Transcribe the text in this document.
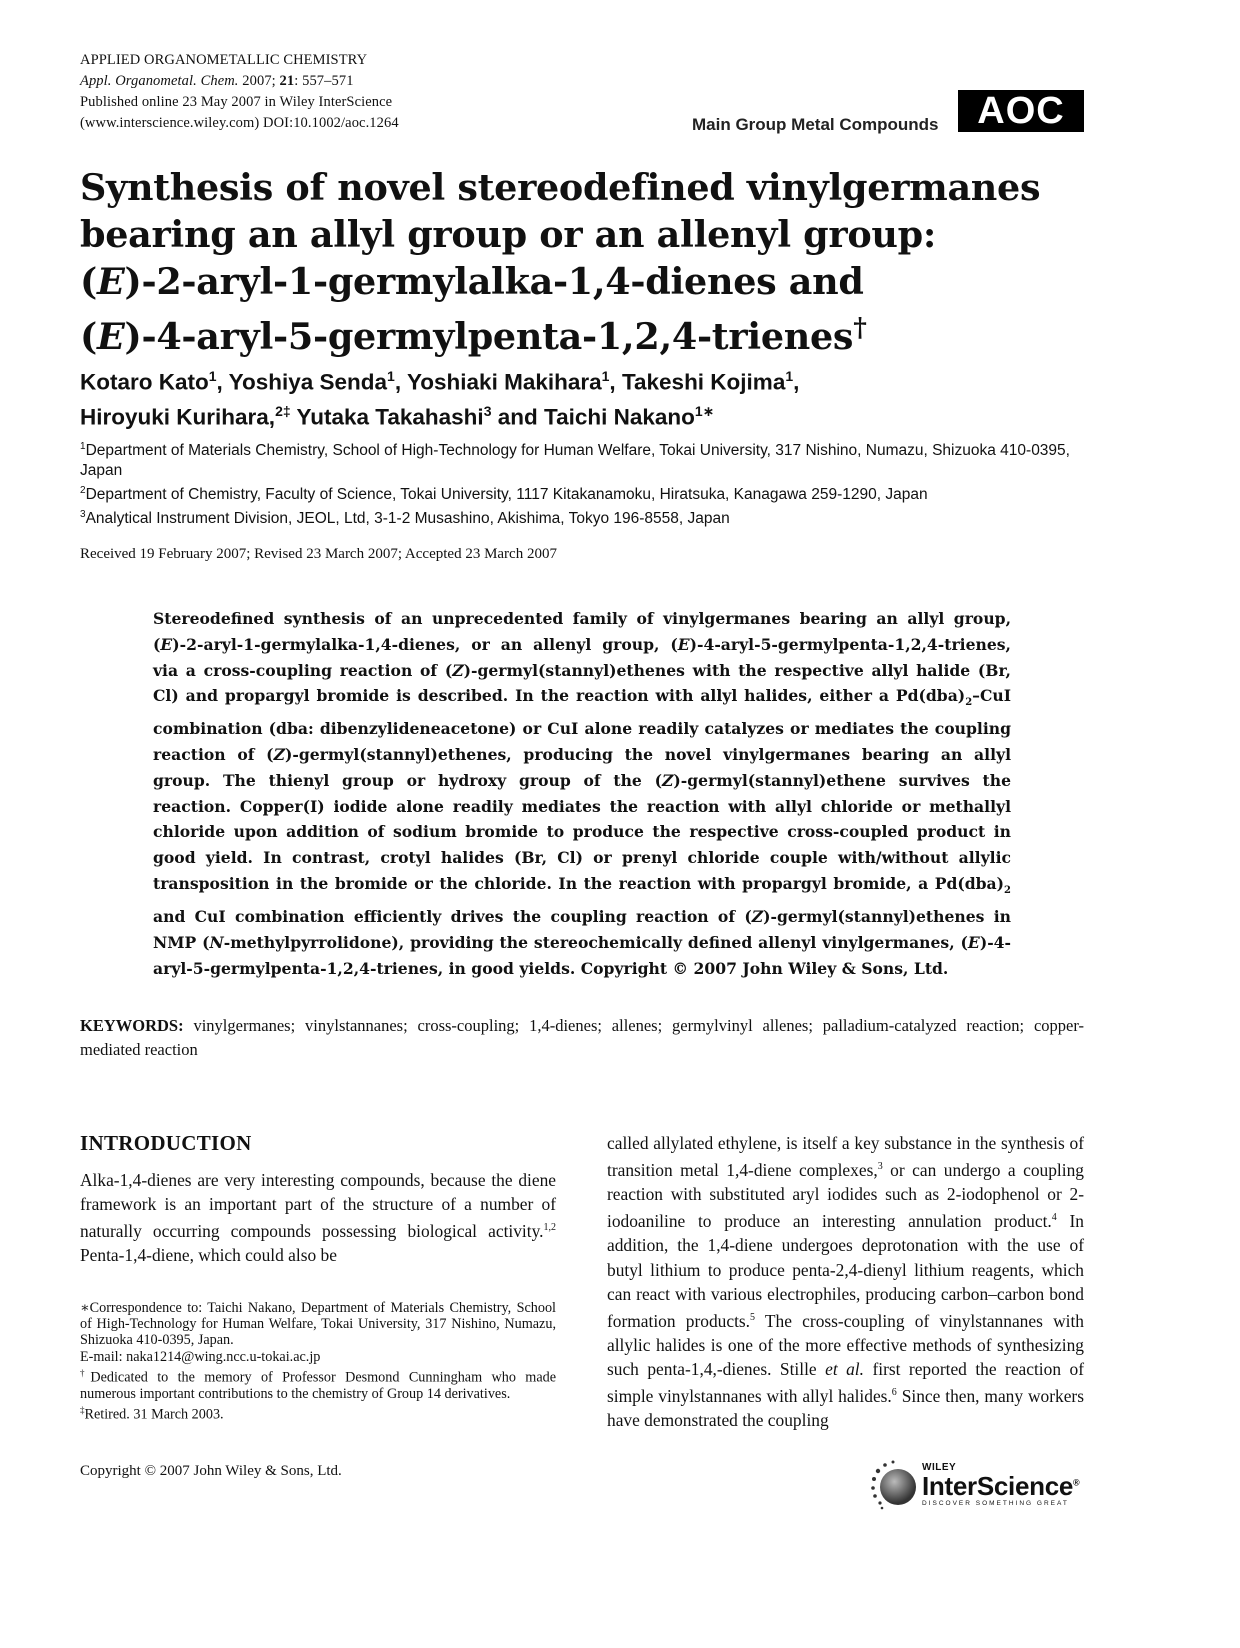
APPLIED ORGANOMETALLIC CHEMISTRY
Appl. Organometal. Chem. 2007; 21: 557–571
Published online 23 May 2007 in Wiley InterScience
(www.interscience.wiley.com) DOI:10.1002/aoc.1264	Main Group Metal Compounds	AOC
Synthesis of novel stereodefined vinylgermanes
bearing an allyl group or an allenyl group:
(E)-2-aryl-1-germylalka-1,4-dienes and
(E)-4-aryl-5-germylpenta-1,2,4-trienes†
Kotaro Kato$^1$, Yoshiya Senda$^1$, Yoshiaki Makihara$^1$, Takeshi Kojima$^1$,
Hiroyuki Kurihara,$^{2\ddagger}$ Yutaka Takahashi$^3$ and Taichi Nakano$^{1∗}$
$^1$Department of Materials Chemistry, School of High-Technology for Human Welfare, Tokai University, 317 Nishino, Numazu, Shizuoka 410-0395, Japan
$^2$Department of Chemistry, Faculty of Science, Tokai University, 1117 Kitakanamoku, Hiratsuka, Kanagawa 259-1290, Japan
$^3$Analytical Instrument Division, JEOL, Ltd, 3-1-2 Musashino, Akishima, Tokyo 196-8558, Japan
Received 19 February 2007; Revised 23 March 2007; Accepted 23 March 2007
Stereodefined synthesis of an unprecedented family of vinylgermanes bearing an allyl group, (E)-2-aryl-1-germylalka-1,4-dienes, or an allenyl group, (E)-4-aryl-5-germylpenta-1,2,4-trienes, via a cross-coupling reaction of (Z)-germyl(stannyl)ethenes with the respective allyl halide (Br, Cl) and propargyl bromide is described. In the reaction with allyl halides, either a $Pd(dba)_2$–CuI combination (dba: dibenzylideneacetone) or CuI alone readily catalyzes or mediates the coupling reaction of (Z)-germyl(stannyl)ethenes, producing the novel vinylgermanes bearing an allyl group. The thienyl group or hydroxy group of the (Z)-germyl(stannyl)ethene survives the reaction. Copper(I) iodide alone readily mediates the reaction with allyl chloride or methallyl chloride upon addition of sodium bromide to produce the respective cross-coupled product in good yield. In contrast, crotyl halides (Br, Cl) or prenyl chloride couple with/without allylic transposition in the bromide or the chloride. In the reaction with propargyl bromide, a $Pd(dba)_2$ and CuI combination efficiently drives the coupling reaction of (Z)-germyl(stannyl)ethenes in NMP (N-methylpyrrolidone), providing the stereochemically defined allenyl vinylgermanes, (E)-4-aryl-5-germylpenta-1,2,4-trienes, in good yields. Copyright © 2007 John Wiley & Sons, Ltd.
KEYWORDS: vinylgermanes; vinylstannanes; cross-coupling; 1,4-dienes; allenes; germylvinyl allenes; palladium-catalyzed reaction; copper-mediated reaction
INTRODUCTION
Alka-1,4-dienes are very interesting compounds, because the diene framework is an important part of the structure of a number of naturally occurring compounds possessing biological activity.$^{1,2}$ Penta-1,4-diene, which could also be
∗Correspondence to: Taichi Nakano, Department of Materials Chemistry, School of High-Technology for Human Welfare, Tokai University, 317 Nishino, Numazu, Shizuoka 410-0395, Japan.
E-mail: naka1214@wing.ncc.u-tokai.ac.jp
†Dedicated to the memory of Professor Desmond Cunningham who made numerous important contributions to the chemistry of Group 14 derivatives.
‡Retired. 31 March 2003.
called allylated ethylene, is itself a key substance in the synthesis of transition metal 1,4-diene complexes,$^3$ or can undergo a coupling reaction with substituted aryl iodides such as 2-iodophenol or 2-iodoaniline to produce an interesting annulation product.$^4$ In addition, the 1,4-diene undergoes deprotonation with the use of butyl lithium to produce penta-2,4-dienyl lithium reagents, which can react with various electrophiles, producing carbon–carbon bond formation products.$^5$ The cross-coupling of vinylstannanes with allylic halides is one of the more effective methods of synthesizing such penta-1,4,-dienes. Stille et al. first reported the reaction of simple vinylstannanes with allyl halides.$^6$ Since then, many workers have demonstrated the coupling
Copyright © 2007 John Wiley & Sons, Ltd.	WILEY
InterScience®
DISCOVER SOMETHING GREAT
